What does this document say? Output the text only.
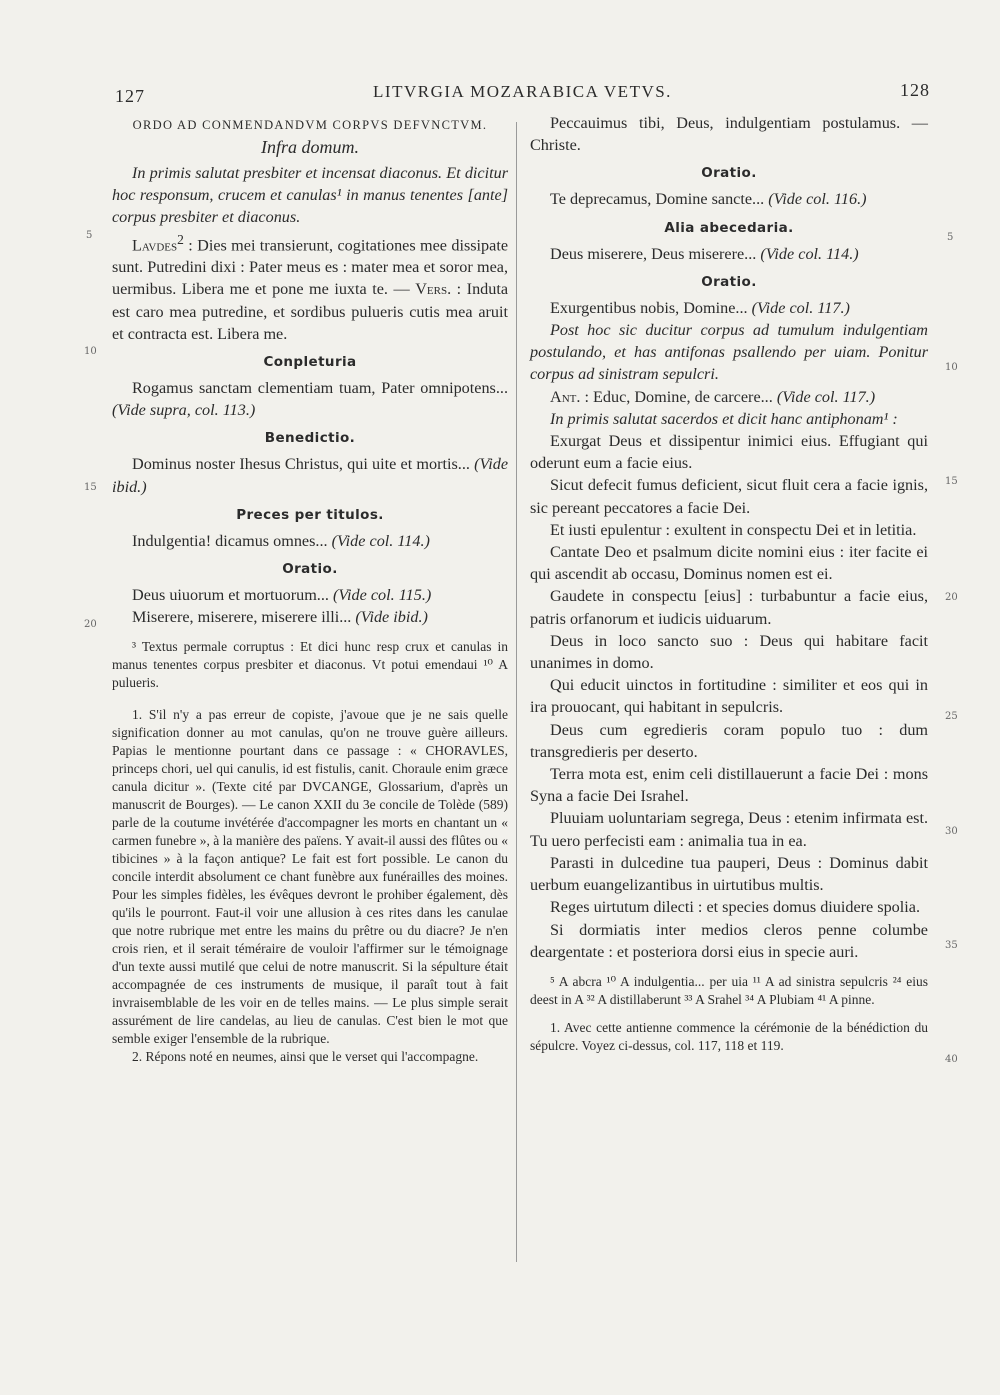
127	LITVRGIA MOZARABICA VETVS.	128
5
10
15
20
5
10
15
20
25
30
35
40

ORDO AD CONMENDANDVM CORPVS DEFVNCTVM.

Infra domum.

In primis salutat presbiter et incensat diaconus. Et dicitur hoc responsum, crucem et canulas¹ in manus tenentes [ante] corpus presbiter et diaconus.

Lavdes$^2$ : Dies mei transierunt, cogitationes mee dissipate sunt. Putredini dixi : Pater meus es : mater mea et soror mea, uermibus. Libera me et pone me iuxta te. — Vers. : Induta est caro mea putredine, et sordibus pulueris cutis mea aruit et contracta est. Libera me.

Conpleturia

Rogamus sanctam clementiam tuam, Pater omnipotens... (Vide supra, col. 113.)

Benedictio.

Dominus noster Ihesus Christus, qui uite et mortis... (Vide ibid.)

Preces per titulos.

Indulgentia! dicamus omnes... (Vide col. 114.)

Oratio.

Deus uiuorum et mortuorum... (Vide col. 115.)

Miserere, miserere, miserere illi... (Vide ibid.)

³ Textus permale corruptus : Et dici hunc resp crux et canulas in manus tenentes corpus presbiter et diaconus. Vt potui emendaui ¹⁰ A pulueris.

1. S'il n'y a pas erreur de copiste, j'avoue que je ne sais quelle signification donner au mot canulas, qu'on ne trouve guère ailleurs. Papias le mentionne pourtant dans ce passage : « CHORAVLES, princeps chori, uel qui canulis, id est fistulis, canit. Choraule enim græce canula dicitur ». (Texte cité par DVCANGE, Glossarium, d'après un manuscrit de Bourges). — Le canon XXII du 3e concile de Tolède (589) parle de la coutume invétérée d'accompagner les morts en chantant un « carmen funebre », à la manière des païens. Y avait-il aussi des flûtes ou « tibicines » à la façon antique? Le fait est fort possible. Le canon du concile interdit absolument ce chant funèbre aux funérailles des moines. Pour les simples fidèles, les évêques devront le prohiber également, dès qu'ils le pourront. Faut-il voir une allusion à ces rites dans les canulae que notre rubrique met entre les mains du prêtre ou du diacre? Je n'en crois rien, et il serait téméraire de vouloir l'affirmer sur le témoignage d'un texte aussi mutilé que celui de notre manuscrit. Si la sépulture était accompagnée de ces instruments de musique, il paraît tout à fait invraisemblable de les voir en de telles mains. — Le plus simple serait assurément de lire candelas, au lieu de canulas. C'est bien le mot que semble exiger l'ensemble de la rubrique.

2. Répons noté en neumes, ainsi que le verset qui l'accompagne.

Peccauimus tibi, Deus, indulgentiam postulamus. — Christe.

Oratio.

Te deprecamus, Domine sancte... (Vide col. 116.)

Alia abecedaria.

Deus miserere, Deus miserere... (Vide col. 114.)

Oratio.

Exurgentibus nobis, Domine... (Vide col. 117.)

Post hoc sic ducitur corpus ad tumulum indulgentiam postulando, et has antifonas psallendo per uiam. Ponitur corpus ad sinistram sepulcri.

Ant. : Educ, Domine, de carcere... (Vide col. 117.)

In primis salutat sacerdos et dicit hanc antiphonam¹ :

Exurgat Deus et dissipentur inimici eius. Effugiant qui oderunt eum a facie eius.

Sicut defecit fumus deficient, sicut fluit cera a facie ignis, sic pereant peccatores a facie Dei.

Et iusti epulentur : exultent in conspectu Dei et in letitia.

Cantate Deo et psalmum dicite nomini eius : iter facite ei qui ascendit ab occasu, Dominus nomen est ei.

Gaudete in conspectu [eius] : turbabuntur a facie eius, patris orfanorum et iudicis uiduarum.

Deus in loco sancto suo : Deus qui habitare facit unanimes in domo.

Qui educit uinctos in fortitudine : similiter et eos qui in ira prouocant, qui habitant in sepulcris.

Deus cum egredieris coram populo tuo : dum transgredieris per deserto.

Terra mota est, enim celi distillauerunt a facie Dei : mons Syna a facie Dei Israhel.

Pluuiam uoluntariam segrega, Deus : etenim infirmata est. Tu uero perfecisti eam : animalia tua in ea.

Parasti in dulcedine tua pauperi, Deus : Dominus dabit uerbum euangelizantibus in uirtutibus multis.

Reges uirtutum dilecti : et species domus diuidere spolia.

Si dormiatis inter medios cleros penne columbe deargentate : et posteriora dorsi eius in specie auri.

⁵ A abcra ¹⁰ A indulgentia... per uia ¹¹ A ad sinistra sepulcris ²⁴ eius deest in A ³² A distillaberunt ³³ A Srahel ³⁴ A Plubiam ⁴¹ A pinne.

1. Avec cette antienne commence la cérémonie de la bénédiction du sépulcre. Voyez ci-dessus, col. 117, 118 et 119.
